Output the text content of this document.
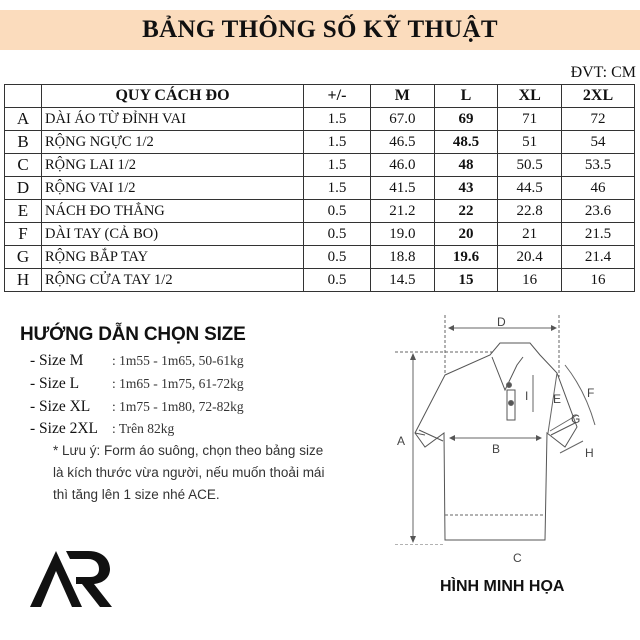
BẢNG THÔNG SỐ KỸ THUẬT
ĐVT: CM
	QUY CÁCH ĐO	+/-	M	L	XL	2XL
A	DÀI ÁO TỪ ĐỈNH VAI	1.5	67.0	69	71	72
B	RỘNG NGỰC 1/2	1.5	46.5	48.5	51	54
C	RỘNG LAI 1/2	1.5	46.0	48	50.5	53.5
D	RỘNG VAI 1/2	1.5	41.5	43	44.5	46
E	NÁCH ĐO THẲNG	0.5	21.2	22	22.8	23.6
F	DÀI TAY (CẢ BO)	0.5	19.0	20	21	21.5
G	RỘNG BẮP TAY	0.5	18.8	19.6	20.4	21.4
H	RỘNG CỬA TAY 1/2	0.5	14.5	15	16	16
HƯỚNG DẪN CHỌN SIZE
- Size M : 1m55 - 1m65, 50-61kg
- Size L : 1m65 - 1m75, 61-72kg
- Size XL : 1m75 - 1m80, 72-82kg
- Size 2XL : Trên 82kg
* Lưu ý: Form áo suông, chọn theo bảng size
là kích thước vừa người, nếu muốn thoải mái
thì tăng lên 1 size nhé ACE.
D
A
B
I E F
G
H
C
HÌNH MINH HỌA
